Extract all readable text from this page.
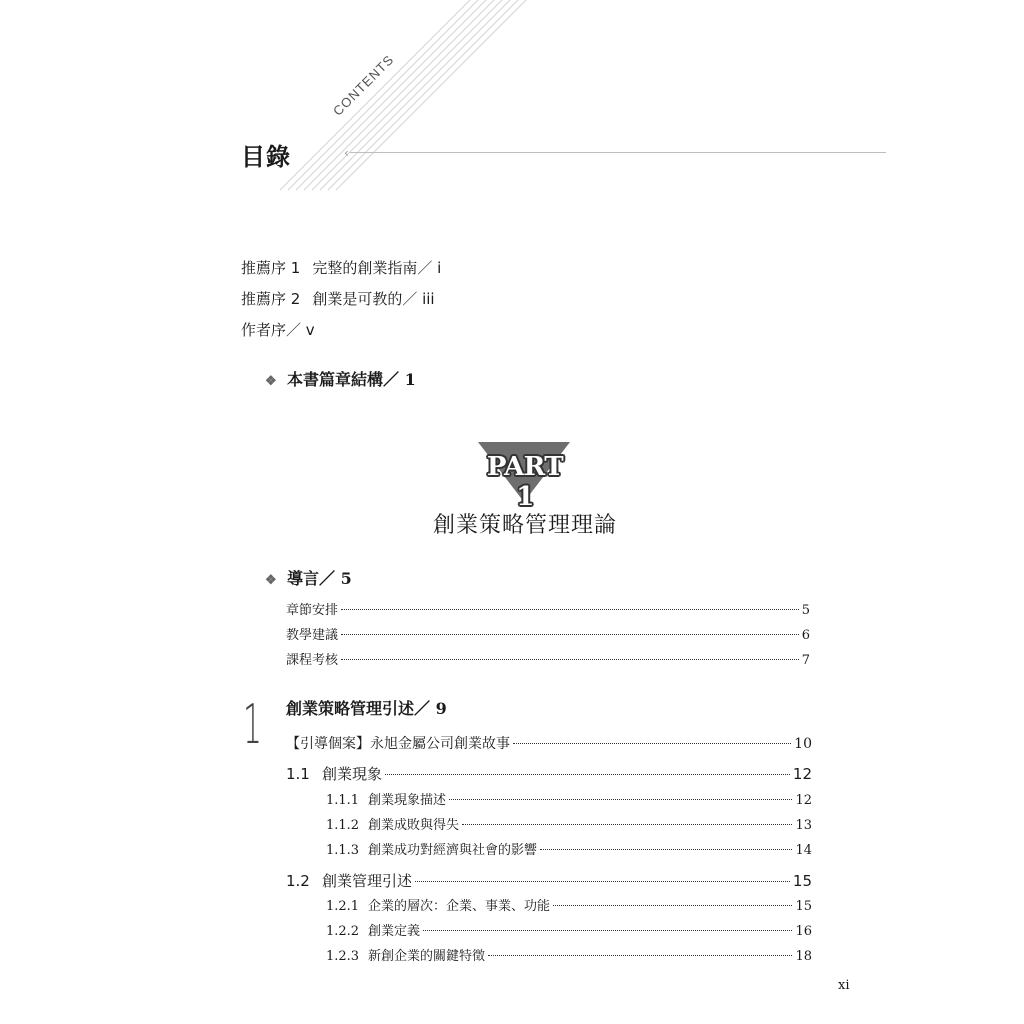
目錄
CONTENTS
‹
推薦序 1 完整的創業指南／ i
推薦序 2 創業是可教的／ iii
作者序／ v
❖ 本書篇章結構／ 1
PART 1
創業策略管理理論
❖ 導言／ 5
章節安排	5
教學建議	6
課程考核	7
1 創業策略管理引述／ 9
【引導個案】永旭金屬公司創業故事	10
1.1 創業現象	12
1.1.1 創業現象描述	12
1.1.2 創業成敗與得失	13
1.1.3 創業成功對經濟與社會的影響	14
1.2 創業管理引述	15
1.2.1 企業的層次：企業、事業、功能	15
1.2.2 創業定義	16
1.2.3 新創企業的關鍵特徵	18
xi
